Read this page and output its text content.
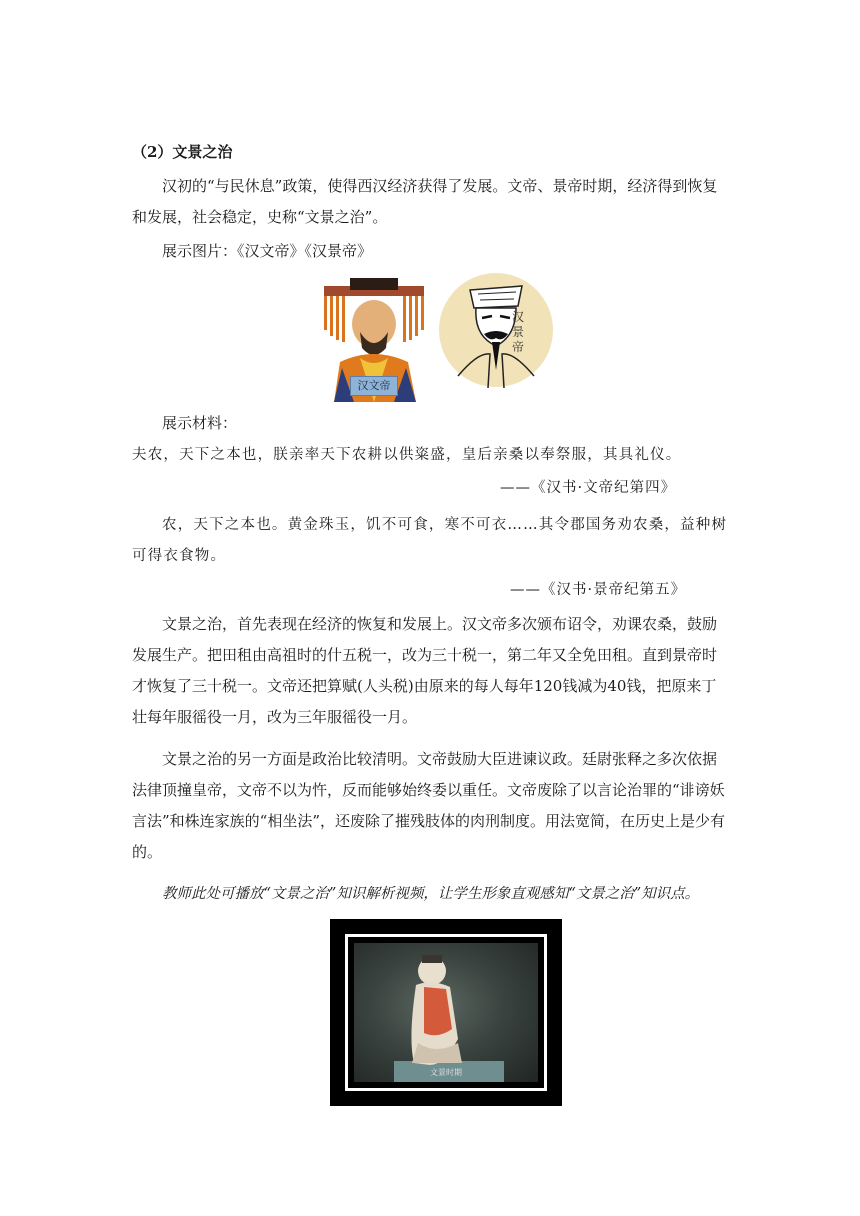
（2）文景之治

汉初的“与民休息”政策，使得西汉经济获得了发展。文帝、景帝时期，经济得到恢复和发展，社会稳定，史称“文景之治”。

展示图片：《汉文帝》《汉景帝》

汉文帝
汉景帝

展示材料：

夫农，天下之本也，朕亲率天下农耕以供粢盛，皇后亲桑以奉祭服，其具礼仪。

——《汉书·文帝纪第四》

农，天下之本也。黄金珠玉，饥不可食，寒不可衣……其令郡国务劝农桑，益种树可得衣食物。

——《汉书·景帝纪第五》

文景之治，首先表现在经济的恢复和发展上。汉文帝多次颁布诏令，劝课农桑，鼓励发展生产。把田租由高祖时的什五税一，改为三十税一，第二年又全免田租。直到景帝时才恢复了三十税一。文帝还把算赋(人头税)由原来的每人每年120钱减为40钱，把原来丁壮每年服徭役一月，改为三年服徭役一月。

文景之治的另一方面是政治比较清明。文帝鼓励大臣进谏议政。廷尉张释之多次依据法律顶撞皇帝，文帝不以为忤，反而能够始终委以重任。文帝废除了以言论治罪的“诽谤妖言法”和株连家族的“相坐法”，还废除了摧残肢体的肉刑制度。用法宽简，在历史上是少有的。

教师此处可播放“文景之治”知识解析视频，让学生形象直观感知“文景之治”知识点。

文景时期
